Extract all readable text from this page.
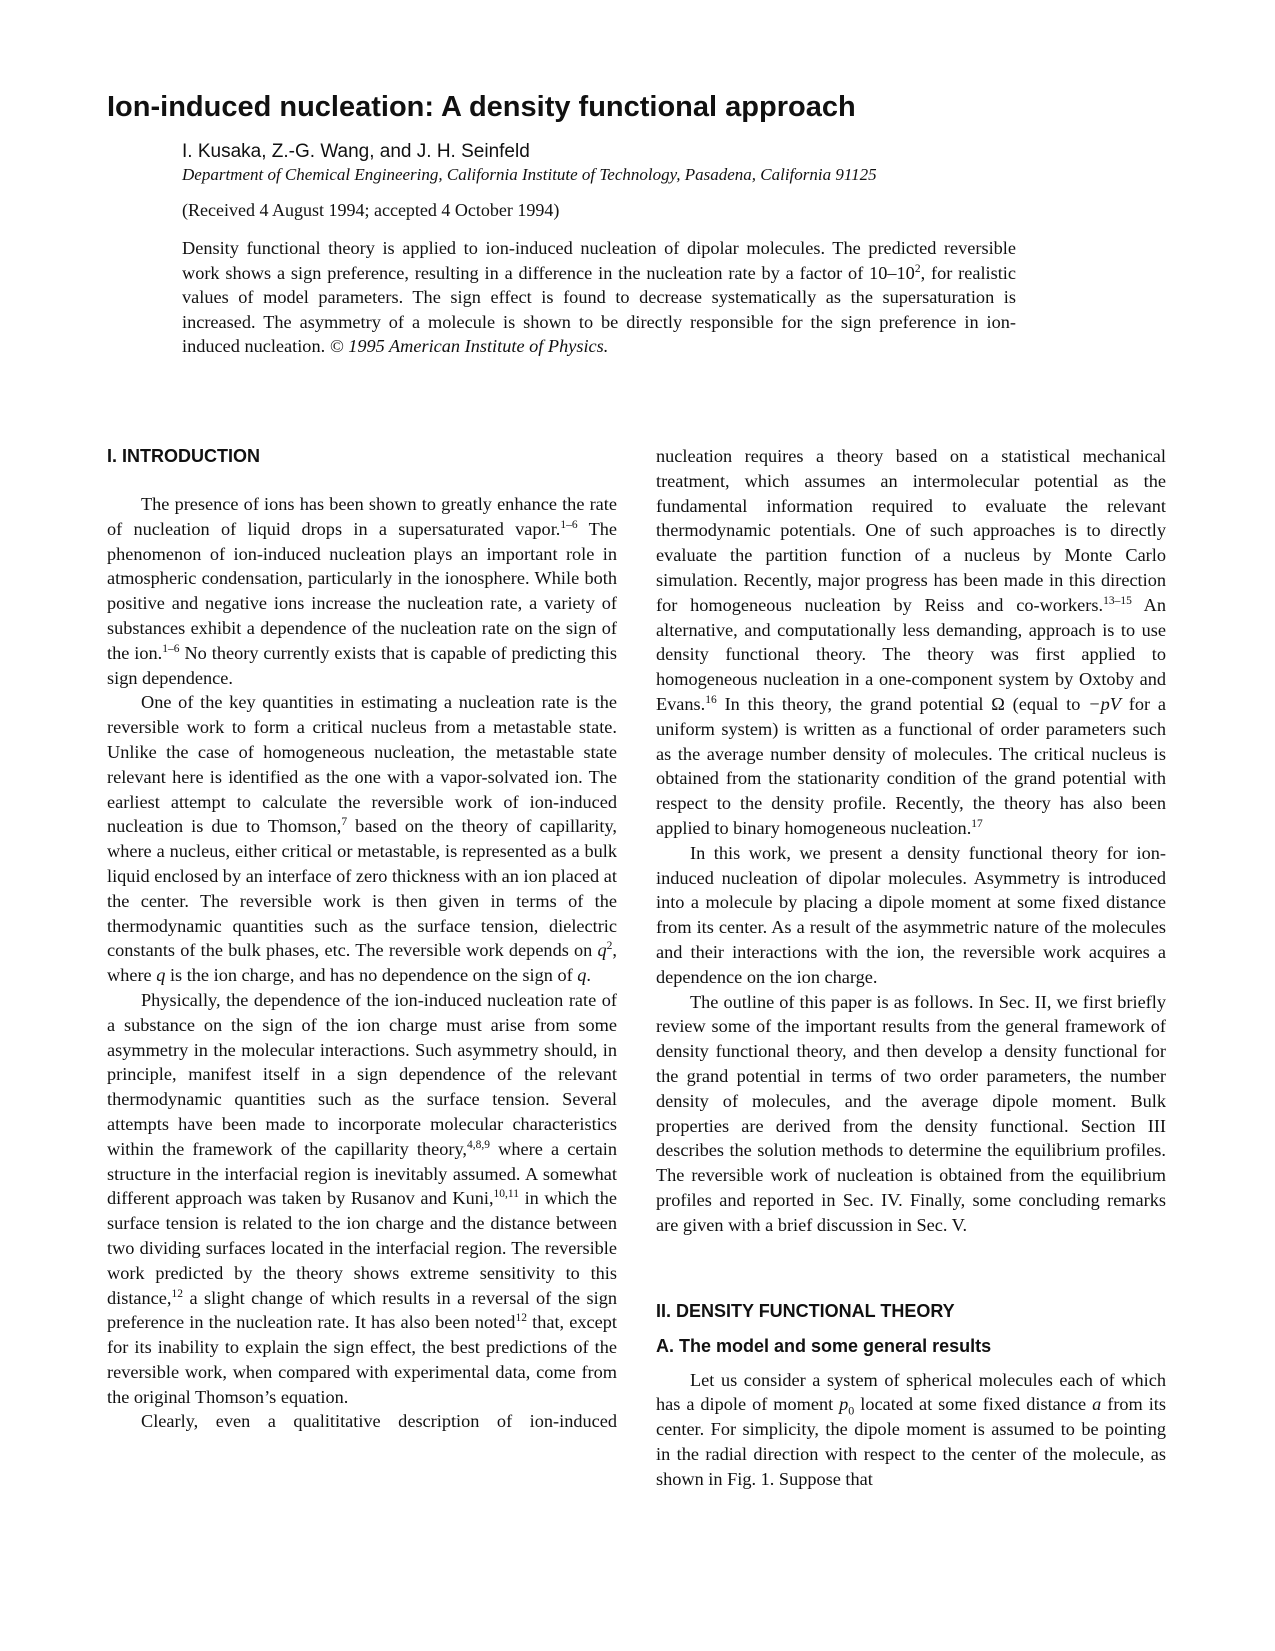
Ion-induced nucleation: A density functional approach
I. Kusaka, Z.-G. Wang, and J. H. Seinfeld
Department of Chemical Engineering, California Institute of Technology, Pasadena, California 91125
(Received 4 August 1994; accepted 4 October 1994)

Density functional theory is applied to ion-induced nucleation of dipolar molecules. The predicted reversible work shows a sign preference, resulting in a difference in the nucleation rate by a factor of $10-10^2$, for realistic values of model parameters. The sign effect is found to decrease systematically as the supersaturation is increased. The asymmetry of a molecule is shown to be directly responsible for the sign preference in ion-induced nucleation. © 1995 American Institute of Physics.

I. INTRODUCTION

The presence of ions has been shown to greatly enhance the rate of nucleation of liquid drops in a supersaturated vapor.$^{1-6}$ The phenomenon of ion-induced nucleation plays an important role in atmospheric condensation, particularly in the ionosphere. While both positive and negative ions increase the nucleation rate, a variety of substances exhibit a dependence of the nucleation rate on the sign of the ion.$^{1-6}$ No theory currently exists that is capable of predicting this sign dependence.

One of the key quantities in estimating a nucleation rate is the reversible work to form a critical nucleus from a metastable state. Unlike the case of homogeneous nucleation, the metastable state relevant here is identified as the one with a vapor-solvated ion. The earliest attempt to calculate the reversible work of ion-induced nucleation is due to Thomson,$^7$ based on the theory of capillarity, where a nucleus, either critical or metastable, is represented as a bulk liquid enclosed by an interface of zero thickness with an ion placed at the center. The reversible work is then given in terms of the thermodynamic quantities such as the surface tension, dielectric constants of the bulk phases, etc. The reversible work depends on $q^2$, where q is the ion charge, and has no dependence on the sign of q.

Physically, the dependence of the ion-induced nucleation rate of a substance on the sign of the ion charge must arise from some asymmetry in the molecular interactions. Such asymmetry should, in principle, manifest itself in a sign dependence of the relevant thermodynamic quantities such as the surface tension. Several attempts have been made to incorporate molecular characteristics within the framework of the capillarity theory,$^{4,8,9}$ where a certain structure in the interfacial region is inevitably assumed. A somewhat different approach was taken by Rusanov and Kuni,$^{10,11}$ in which the surface tension is related to the ion charge and the distance between two dividing surfaces located in the interfacial region. The reversible work predicted by the theory shows extreme sensitivity to this distance,$^{12}$ a slight change of which results in a reversal of the sign preference in the nucleation rate. It has also been noted$^{12}$ that, except for its inability to explain the sign effect, the best predictions of the reversible work, when compared with experimental data, come from the original Thomson’s equation.

Clearly, even a qualititative description of ion-induced

nucleation requires a theory based on a statistical mechanical treatment, which assumes an intermolecular potential as the fundamental information required to evaluate the relevant thermodynamic potentials. One of such approaches is to directly evaluate the partition function of a nucleus by Monte Carlo simulation. Recently, major progress has been made in this direction for homogeneous nucleation by Reiss and co-workers.$^{13-15}$ An alternative, and computationally less demanding, approach is to use density functional theory. The theory was first applied to homogeneous nucleation in a one-component system by Oxtoby and Evans.$^{16}$ In this theory, the grand potential Ω (equal to −pV for a uniform system) is written as a functional of order parameters such as the average number density of molecules. The critical nucleus is obtained from the stationarity condition of the grand potential with respect to the density profile. Recently, the theory has also been applied to binary homogeneous nucleation.$^{17}$

In this work, we present a density functional theory for ion-induced nucleation of dipolar molecules. Asymmetry is introduced into a molecule by placing a dipole moment at some fixed distance from its center. As a result of the asymmetric nature of the molecules and their interactions with the ion, the reversible work acquires a dependence on the ion charge.

The outline of this paper is as follows. In Sec. II, we first briefly review some of the important results from the general framework of density functional theory, and then develop a density functional for the grand potential in terms of two order parameters, the number density of molecules, and the average dipole moment. Bulk properties are derived from the density functional. Section III describes the solution methods to determine the equilibrium profiles. The reversible work of nucleation is obtained from the equilibrium profiles and reported in Sec. IV. Finally, some concluding remarks are given with a brief discussion in Sec. V.

II. DENSITY FUNCTIONAL THEORY
A. The model and some general results

Let us consider a system of spherical molecules each of which has a dipole of moment $p_0$ located at some fixed distance a from its center. For simplicity, the dipole moment is assumed to be pointing in the radial direction with respect to the center of the molecule, as shown in Fig. 1. Suppose that
